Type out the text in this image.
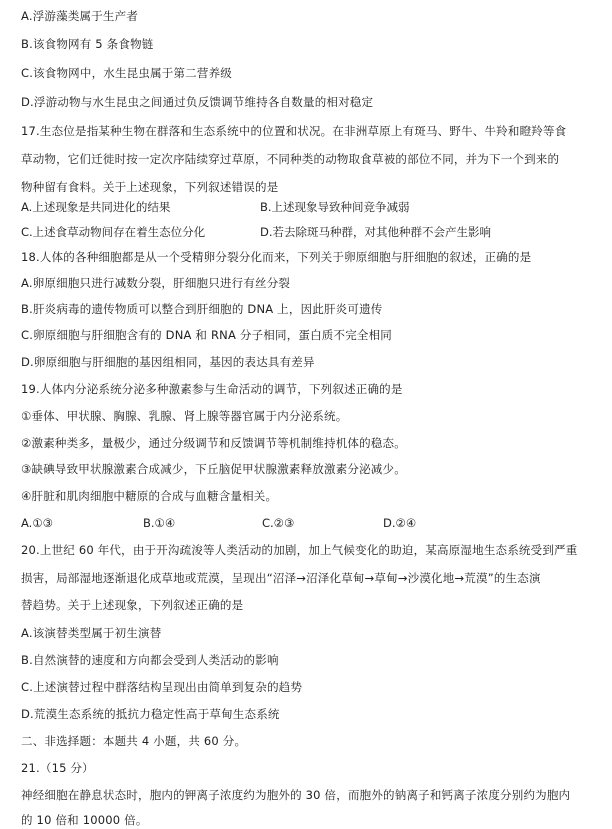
A.浮游藻类属于生产者
B.该食物网有 5 条食物链
C.该食物网中，水生昆虫属于第二营养级
D.浮游动物与水生昆虫之间通过负反馈调节维持各自数量的相对稳定
17.生态位是指某种生物在群落和生态系统中的位置和状况。在非洲草原上有斑马、野牛、牛羚和瞪羚等食
草动物，它们迁徙时按一定次序陆续穿过草原，不同种类的动物取食草被的部位不同，并为下一个到来的
物种留有食料。关于上述现象，下列叙述错误的是
A.上述现象是共同进化的结果	B.上述现象导致种间竞争减弱
C.上述食草动物间存在着生态位分化	D.若去除斑马种群，对其他种群不会产生影响
18.人体的各种细胞都是从一个受精卵分裂分化而来，下列关于卵原细胞与肝细胞的叙述，正确的是
A.卵原细胞只进行减数分裂，肝细胞只进行有丝分裂
B.肝炎病毒的遗传物质可以整合到肝细胞的 DNA 上，因此肝炎可遗传
C.卵原细胞与肝细胞含有的 DNA 和 RNA 分子相同，蛋白质不完全相同
D.卵原细胞与肝细胞的基因组相同，基因的表达具有差异
19.人体内分泌系统分泌多种激素参与生命活动的调节，下列叙述正确的是
①垂体、甲状腺、胸腺、乳腺、肾上腺等器官属于内分泌系统。
②激素种类多，量极少，通过分级调节和反馈调节等机制维持机体的稳态。
③缺碘导致甲状腺激素合成减少，下丘脑促甲状腺激素释放激素分泌减少。
④肝脏和肌肉细胞中糖原的合成与血糖含量相关。
A.①③	B.①④	C.②③	D.②④
20.上世纪 60 年代，由于开沟疏浚等人类活动的加剧，加上气候变化的助迫，某高原湿地生态系统受到严重
损害，局部湿地逐渐退化成草地或荒漠，呈现出“沼泽→沼泽化草甸→草甸→沙漠化地→荒漠”的生态演
替趋势。关于上述现象，下列叙述正确的是
A.该演替类型属于初生演替
B.自然演替的速度和方向都会受到人类活动的影响
C.上述演替过程中群落结构呈现出由简单到复杂的趋势
D.荒漠生态系统的抵抗力稳定性高于草甸生态系统
二、非选择题：本题共 4 小题，共 60 分。
21.（15 分）
神经细胞在静息状态时，胞内的钾离子浓度约为胞外的 30 倍，而胞外的钠离子和钙离子浓度分别约为胞内
的 10 倍和 10000 倍。
